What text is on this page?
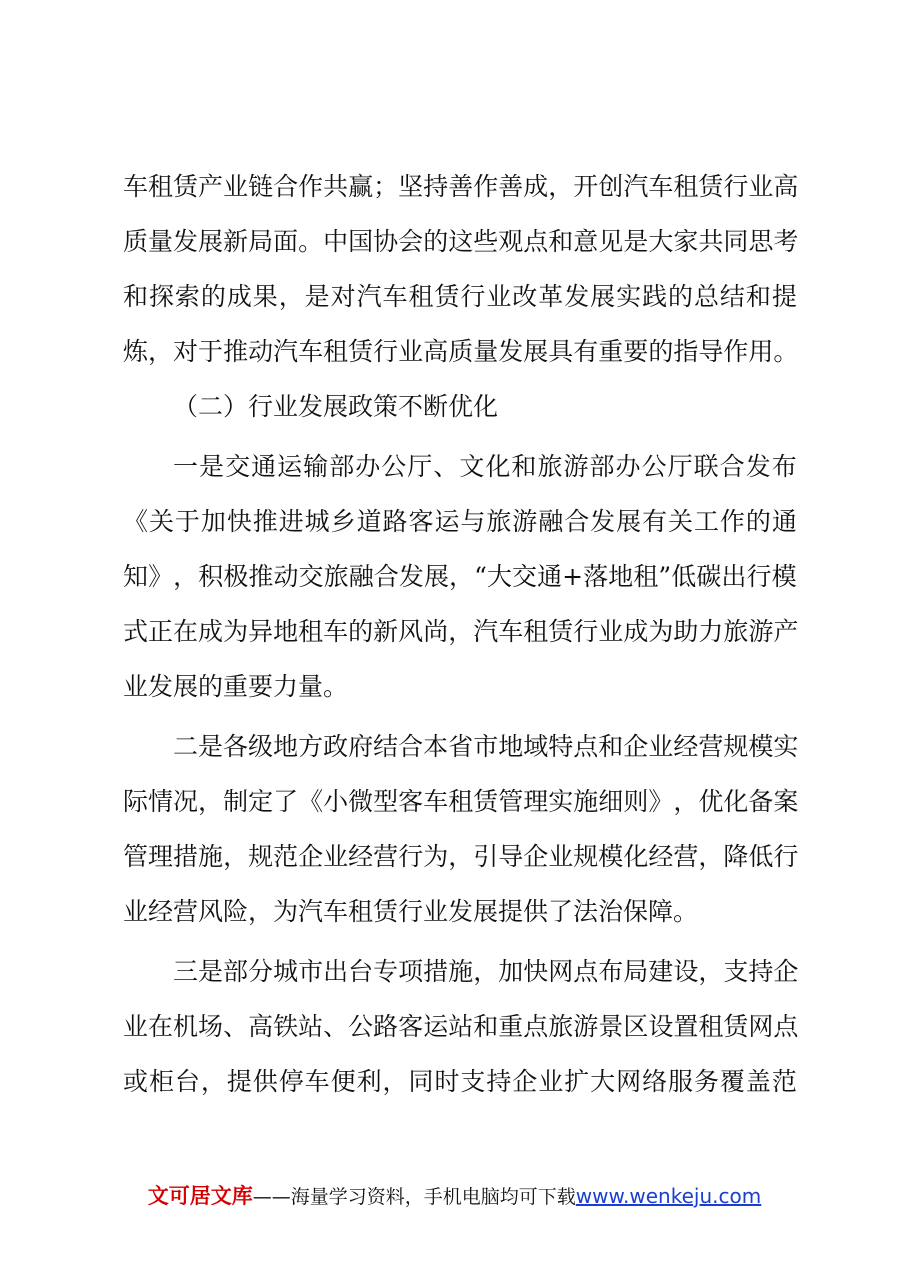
车 租 赁 产 业 链 合 作 共 赢 ； 坚 持 善 作 善 成 ， 开 创 汽 车 租 赁 行 业 高
质 量 发 展 新 局 面 。 中 国 协 会 的 这 些 观 点 和 意 见 是 大 家 共 同 思 考
和 探 索 的 成 果 ， 是 对 汽 车 租 赁 行 业 改 革 发 展 实 践 的 总 结 和 提
炼 ， 对 于 推 动 汽 车 租 赁 行 业 高 质 量 发 展 具 有 重 要 的 指 导 作 用 。
（二）行业发展政策不断优化
一 是 交 通 运 输 部 办 公 厅 、 文 化 和 旅 游 部 办 公 厅 联 合 发 布
《 关 于 加 快 推 进 城 乡 道 路 客 运 与 旅 游 融 合 发 展 有 关 工 作 的 通
知 》 ， 积 极 推 动 交 旅 融 合 发 展 ， “ 大 交 通 + 落 地 租 ” 低 碳 出 行 模
式 正 在 成 为 异 地 租 车 的 新 风 尚 ， 汽 车 租 赁 行 业 成 为 助 力 旅 游 产
业发展的重要力量。
二 是 各 级 地 方 政 府 结 合 本 省 市 地 域 特 点 和 企 业 经 营 规 模 实
际 情 况 ， 制 定 了 《 小 微 型 客 车 租 赁 管 理 实 施 细 则 》 ， 优 化 备 案
管 理 措 施 ， 规 范 企 业 经 营 行 为 ， 引 导 企 业 规 模 化 经 营 ， 降 低 行
业经营风险，为汽车租赁行业发展提供了法治保障。
三 是 部 分 城 市 出 台 专 项 措 施 ， 加 快 网 点 布 局 建 设 ， 支 持 企
业 在 机 场 、 高 铁 站 、 公 路 客 运 站 和 重 点 旅 游 景 区 设 置 租 赁 网 点
或 柜 台 ， 提 供 停 车 便 利 ， 同 时 支 持 企 业 扩 大 网 络 服 务 覆 盖 范
文可居文库——海量学习资料，手机电脑均可下载www.wenkeju.com
